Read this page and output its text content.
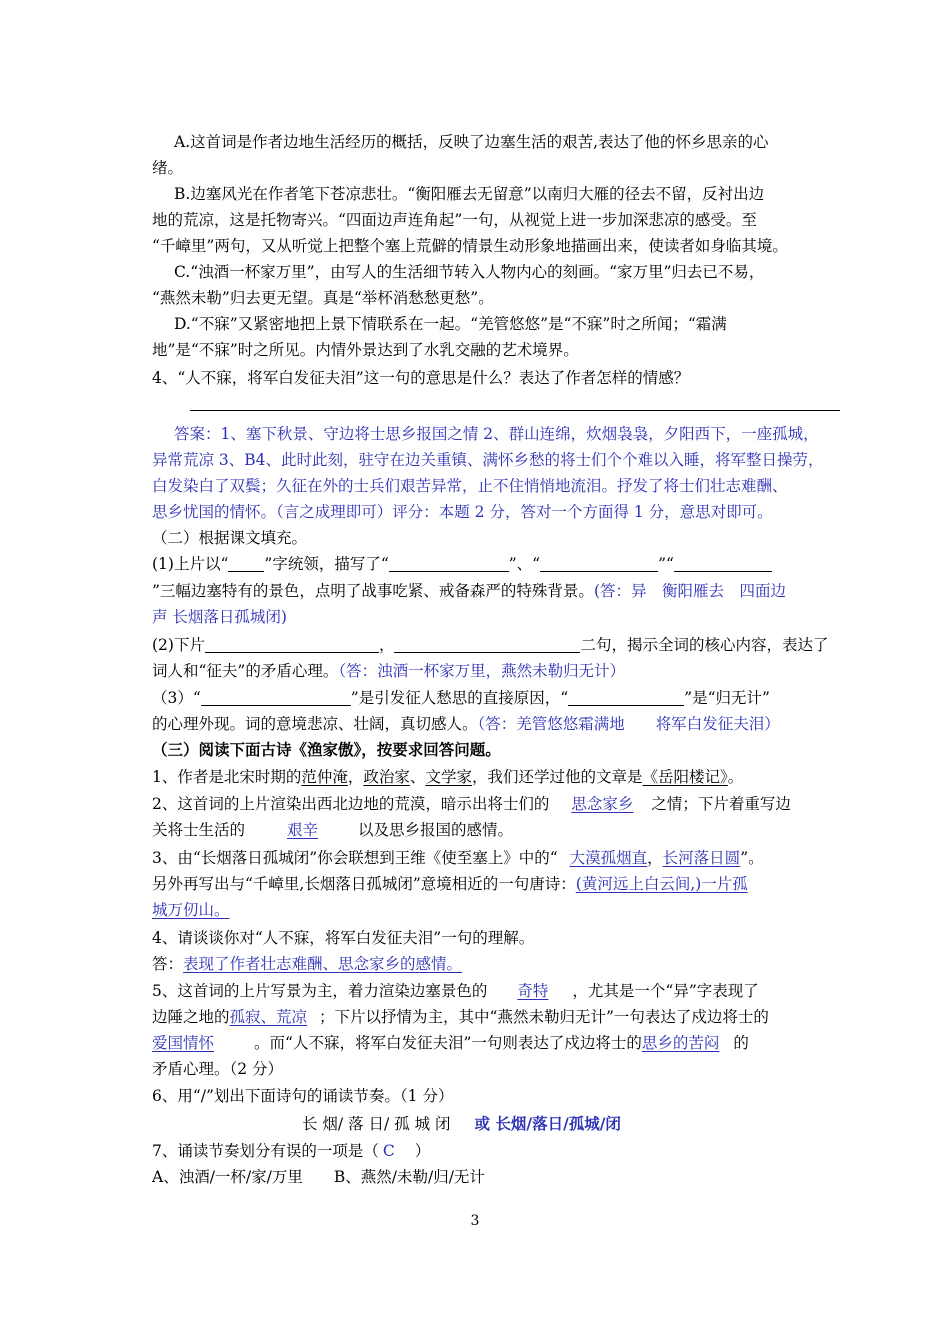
A.这首词是作者边地生活经历的概括，反映了边塞生活的艰苦,表达了他的怀乡思亲的心

绪。

B.边塞风光在作者笔下苍凉悲壮。“衡阳雁去无留意”以南归大雁的径去不留，反衬出边

地的荒凉，这是托物寄兴。“四面边声连角起”一句，从视觉上进一步加深悲凉的感受。至

“千嶂里”两句，又从听觉上把整个塞上荒僻的情景生动形象地描画出来，使读者如身临其境。

C.“浊酒一杯家万里”，由写人的生活细节转入人物内心的刻画。“家万里”归去已不易，

“燕然未勒”归去更无望。真是“举杯消愁愁更愁”。

D.“不寐”又紧密地把上景下情联系在一起。“羌管悠悠”是“不寐”时之所闻；“霜满

地”是“不寐”时之所见。内情外景达到了水乳交融的艺术境界。

4、“人不寐，将军白发征夫泪”这一句的意思是什么？表达了作者怎样的情感？

答案：1、塞下秋景、守边将士思乡报国之情 2、群山连绵，炊烟袅袅，夕阳西下，一座孤城，

异常荒凉 3、B4、此时此刻，驻守在边关重镇、满怀乡愁的将士们个个难以入睡，将军整日操劳，

白发染白了双鬓；久征在外的士兵们艰苦异常，止不住悄悄地流泪。抒发了将士们壮志难酬、

思乡忧国的情怀。（言之成理即可）评分：本题 2 分，答对一个方面得 1 分，意思对即可。

（二）根据课文填充。

(1)上片以“ ”字统领，描写了“	”、“	”“

”三幅边塞特有的景色，点明了战事吃紧、戒备森严的特殊背景。(答：异　衡阳雁去　四面边

声 长烟落日孤城闭)

(2)下片	，	二句，揭示全词的核心内容，表达了

词人和“征夫”的矛盾心理。（答：浊酒一杯家万里，燕然未勒归无计）

（3）“	”是引发征人愁思的直接原因，“	”是“归无计”

的心理外现。词的意境悲凉、壮阔，真切感人。（答：羌管悠悠霜满地　　将军白发征夫泪）

（三）阅读下面古诗《渔家傲》，按要求回答问题。

1、作者是北宋时期的范仲淹，政治家、文学家，我们还学过他的文章是《岳阳楼记》。

2、这首词的上片渲染出西北边地的荒漠，暗示出将士们的 思念家乡 之情；下片着重写边

关将士生活的	艰辛	以及思乡报国的感情。

3、由“长烟落日孤城闭”你会联想到王维《使至塞上》中的“ 大漠孤烟直，长河落日圆”。

另外再写出与“千嶂里,长烟落日孤城闭”意境相近的一句唐诗：(黄河远上白云间,)一片孤

城万仞山。

4、请谈谈你对“人不寐，将军白发征夫泪”一句的理解。

答：表现了作者壮志难酬、思念家乡的感情。

5、这首词的上片写景为主，着力渲染边塞景色的 奇特 ，尤其是一个“异”字表现了

边陲之地的孤寂、荒凉 ；下片以抒情为主，其中“燕然未勒归无计”一句表达了戍边将士的

爱国情怀	。而“人不寐，将军白发征夫泪”一句则表达了戍边将士的思乡的苦闷 的

矛盾心理。（2 分）

6、用“/”划出下面诗句的诵读节奏。（1 分）

长 烟/ 落 日/ 孤 城 闭 或 长烟/落日/孤城/闭

7、诵读节奏划分有误的一项是（ C ）

A、浊酒/一杯/家/万里　　B、燕然/未勒/归/无计

3
